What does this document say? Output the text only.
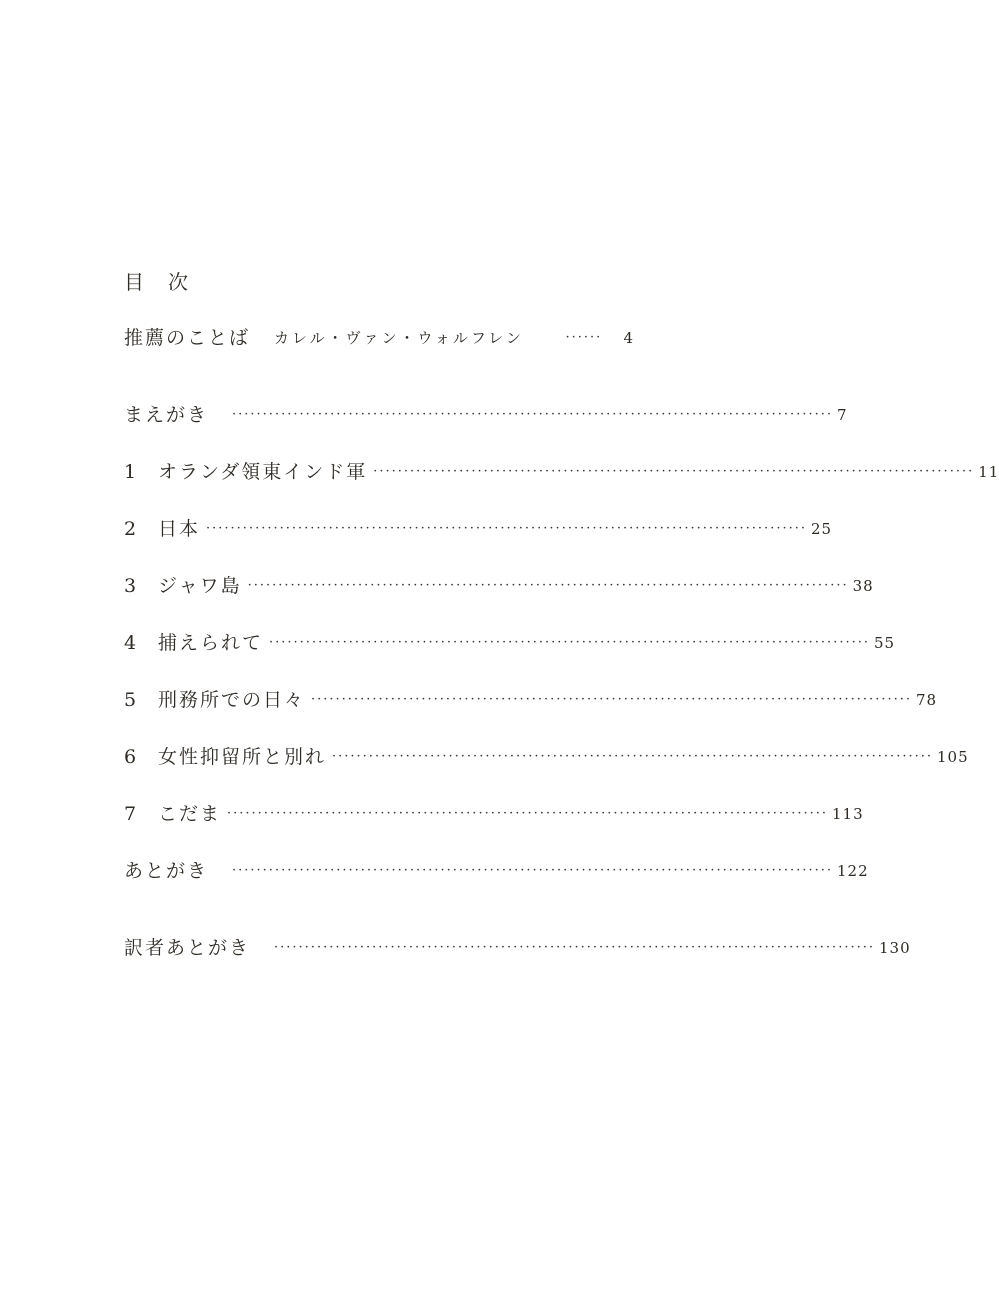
目　次
推薦のことば カレル・ヴァン・ウォルフレン	······ 4
まえがき ·································································································· 7
1	オランダ領東インド軍 ·································································································· 11
2	日本 ·································································································· 25
3	ジャワ島 ·································································································· 38
4	捕えられて ·································································································· 55
5	刑務所での日々 ·································································································· 78
6	女性抑留所と別れ ·································································································· 105
7	こだま ·································································································· 113
あとがき ·································································································· 122
訳者あとがき ·································································································· 130
